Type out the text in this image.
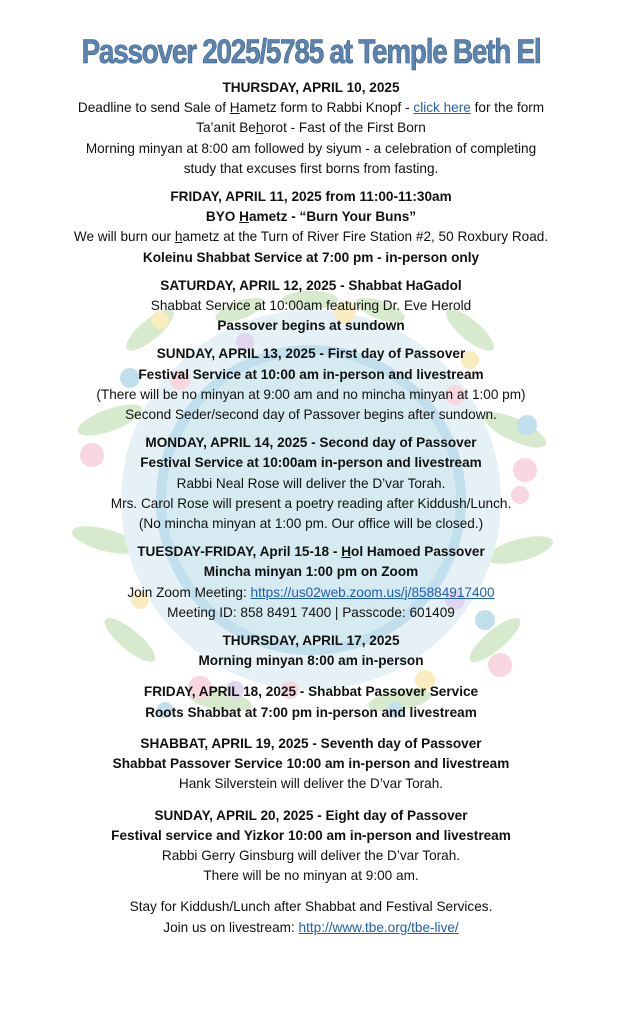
Passover 2025/5785 at Temple Beth El
THURSDAY, APRIL 10, 2025
Deadline to send Sale of Hametz form to Rabbi Knopf - click here for the form
Ta’anit Behorot - Fast of the First Born
Morning minyan at 8:00 am followed by siyum - a celebration of completing
study that excuses first borns from fasting.
FRIDAY, APRIL 11, 2025 from 11:00-11:30am
BYO Hametz - “Burn Your Buns”
We will burn our hametz at the Turn of River Fire Station #2, 50 Roxbury Road.
Koleinu Shabbat Service at 7:00 pm - in-person only
SATURDAY, APRIL 12, 2025 - Shabbat HaGadol
Shabbat Service at 10:00am featuring Dr. Eve Herold
Passover begins at sundown
SUNDAY, APRIL 13, 2025 - First day of Passover
Festival Service at 10:00 am in-person and livestream
(There will be no minyan at 9:00 am and no mincha minyan at 1:00 pm)
Second Seder/second day of Passover begins after sundown.
MONDAY, APRIL 14, 2025 - Second day of Passover
Festival Service at 10:00am in-person and livestream
Rabbi Neal Rose will deliver the D’var Torah.
Mrs. Carol Rose will present a poetry reading after Kiddush/Lunch.
(No mincha minyan at 1:00 pm. Our office will be closed.)
TUESDAY-FRIDAY, April 15-18 - Hol Hamoed Passover
Mincha minyan 1:00 pm on Zoom
Join Zoom Meeting: https://us02web.zoom.us/j/85884917400
Meeting ID: 858 8491 7400 | Passcode: 601409
THURSDAY, APRIL 17, 2025
Morning minyan 8:00 am in-person
FRIDAY, APRIL 18, 2025 - Shabbat Passover Service
Roots Shabbat at 7:00 pm in-person and livestream
SHABBAT, APRIL 19, 2025 - Seventh day of Passover
Shabbat Passover Service 10:00 am in-person and livestream
Hank Silverstein will deliver the D’var Torah.
SUNDAY, APRIL 20, 2025 - Eight day of Passover
Festival service and Yizkor 10:00 am in-person and livestream
Rabbi Gerry Ginsburg will deliver the D’var Torah.
There will be no minyan at 9:00 am.
Stay for Kiddush/Lunch after Shabbat and Festival Services.
Join us on livestream: http://www.tbe.org/tbe-live/
